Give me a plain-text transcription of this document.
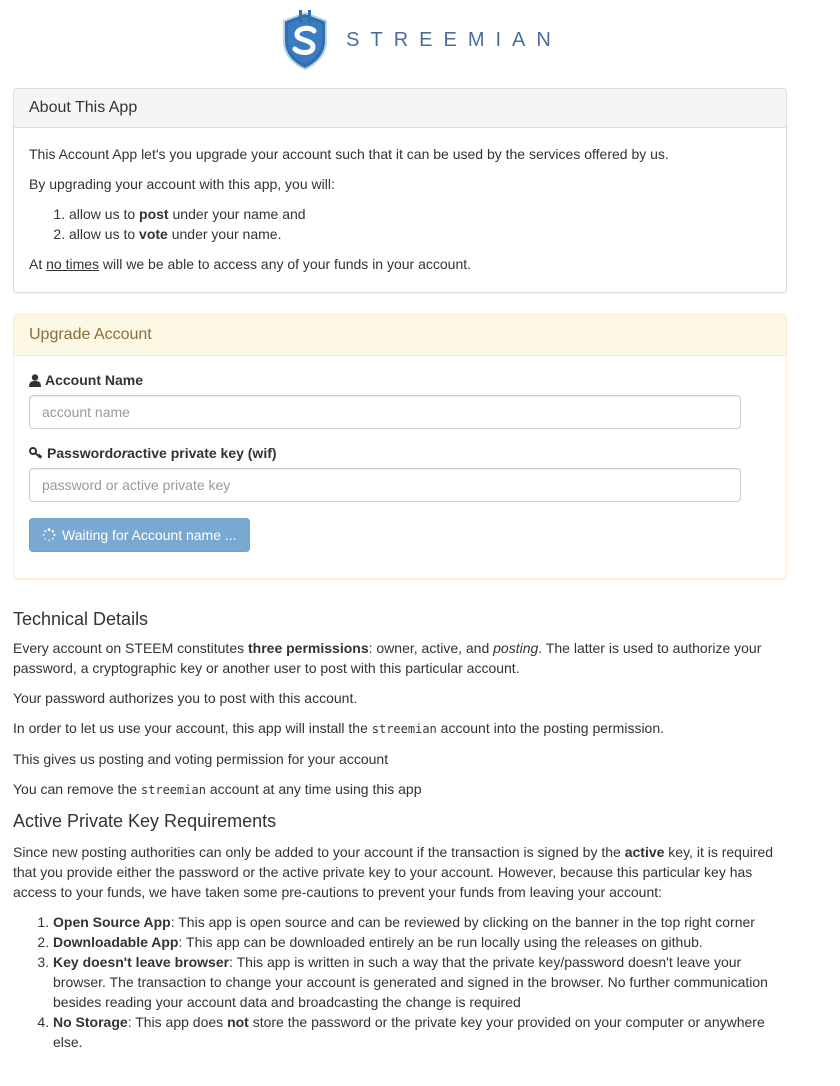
STREEMIAN
About This App

This Account App let's you upgrade your account such that it can be used by the services offered by us.

By upgrading your account with this app, you will:

1. allow us to post under your name and
2. allow us to vote under your name.

At no times will we be able to access any of your funds in your account.

Upgrade Account
Account Name
account name
Password or active private key (wif)
Waiting for Account name ...
Technical Details

Every account on STEEM constitutes three permissions: owner, active, and posting. The latter is used to authorize your password, a cryptographic key or another user to post with this particular account.

Your password authorizes you to post with this account.

In order to let us use your account, this app will install the streemian account into the posting permission.

This gives us posting and voting permission for your account

You can remove the streemian account at any time using this app

Active Private Key Requirements

Since new posting authorities can only be added to your account if the transaction is signed by the active key, it is required that you provide either the password or the active private key to your account. However, because this particular key has access to your funds, we have taken some pre-cautions to prevent your funds from leaving your account:

1. Open Source App: This app is open source and can be reviewed by clicking on the banner in the top right corner
2. Downloadable App: This app can be downloaded entirely an be run locally using the releases on github.
3. Key doesn't leave browser: This app is written in such a way that the private key/password doesn't leave your browser. The transaction to change your account is generated and signed in the browser. No further communication besides reading your account data and broadcasting the change is required
4. No Storage: This app does not store the password or the private key your provided on your computer or anywhere else.
